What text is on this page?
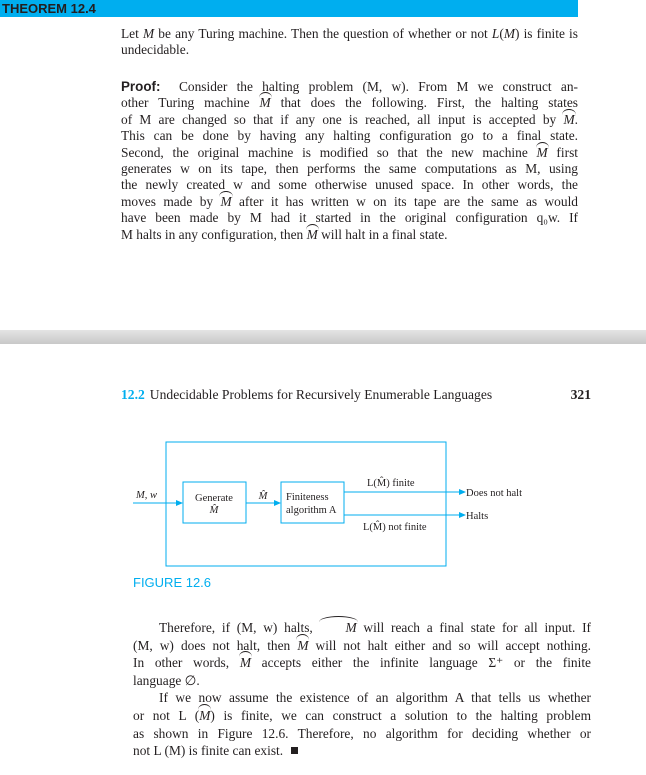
THEOREM 12.4

Let M be any Turing machine. Then the question of whether or not L(M) is finite is undecidable.

Proof: Consider the halting problem (M, w). From M we construct an-
other Turing machine M that does the following. First, the halting states
of M are changed so that if any one is reached, all input is accepted by M.
This can be done by having any halting configuration go to a final state.
Second, the original machine is modified so that the new machine M first
generates w on its tape, then performs the same computations as M, using
the newly created w and some otherwise unused space. In other words, the
moves made by M after it has written w on its tape are the same as would
have been made by M had it started in the original configuration q₀w. If
M halts in any configuration, then M will halt in a final state.
12.2 Undecidable Problems for Recursively Enumerable Languages	321
M, w	Generate
M̂
M̂ Finiteness
algorithm A
L(M̂) finite
L(M̂) not finite
Does not halt
Halts
FIGURE 12.6
Therefore, if (M, w) halts, M will reach a final state for all input. If
(M, w) does not halt, then M will not halt either and so will accept nothing.
In other words, M accepts either the infinite language Σ⁺ or the finite
language ∅.
If we now assume the existence of an algorithm A that tells us whether
or not L (M) is finite, we can construct a solution to the halting problem
as shown in Figure 12.6. Therefore, no algorithm for deciding whether or
not L (M) is finite can exist.
